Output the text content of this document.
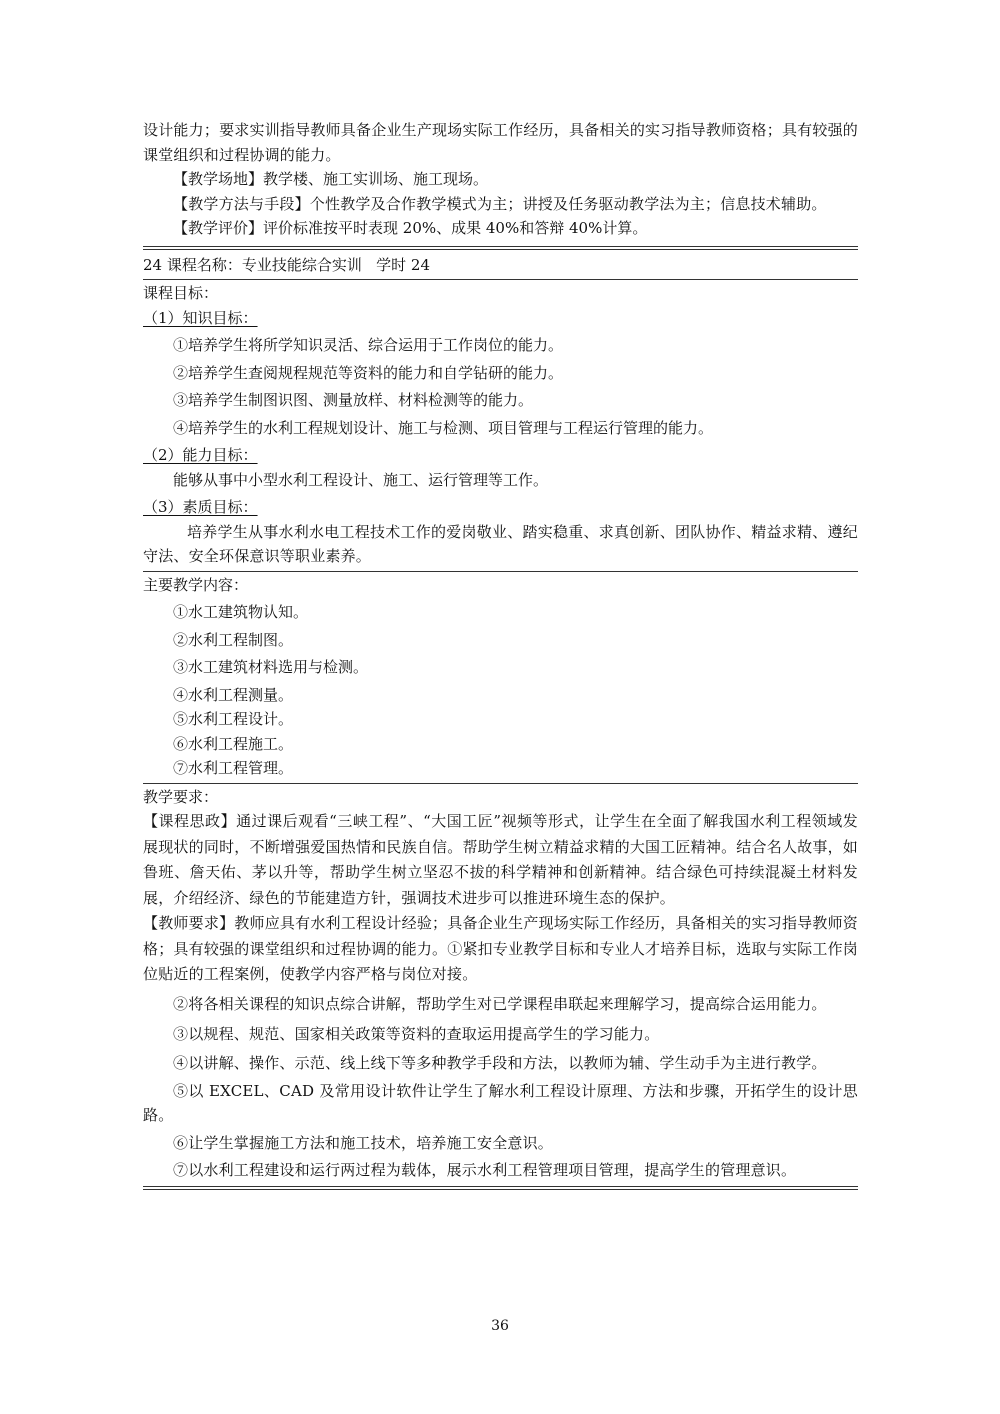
设计能力；要求实训指导教师具备企业生产现场实际工作经历，具备相关的实习指导教师资格；具有较强的课堂组织和过程协调的能力。
【教学场地】教学楼、施工实训场、施工现场。
【教学方法与手段】个性教学及合作教学模式为主；讲授及任务驱动教学法为主；信息技术辅助。
【教学评价】评价标准按平时表现 20%、成果 40%和答辩 40%计算。
24 课程名称：专业技能综合实训   学时 24
课程目标：
（1）知识目标：
①培养学生将所学知识灵活、综合运用于工作岗位的能力。
②培养学生查阅规程规范等资料的能力和自学钻研的能力。
③培养学生制图识图、测量放样、材料检测等的能力。
④培养学生的水利工程规划设计、施工与检测、项目管理与工程运行管理的能力。
（2）能力目标：
能够从事中小型水利工程设计、施工、运行管理等工作。
（3）素质目标：
培养学生从事水利水电工程技术工作的爱岗敬业、踏实稳重、求真创新、团队协作、精益求精、遵纪守法、安全环保意识等职业素养。
主要教学内容：
①水工建筑物认知。
②水利工程制图。
③水工建筑材料选用与检测。
④水利工程测量。
⑤水利工程设计。
⑥水利工程施工。
⑦水利工程管理。
教学要求：
【课程思政】通过课后观看“三峡工程”、“大国工匠”视频等形式，让学生在全面了解我国水利工程领域发展现状的同时，不断增强爱国热情和民族自信。帮助学生树立精益求精的大国工匠精神。结合名人故事，如鲁班、詹天佑、茅以升等，帮助学生树立坚忍不拔的科学精神和创新精神。结合绿色可持续混凝土材料发展，介绍经济、绿色的节能建造方针，强调技术进步可以推进环境生态的保护。
【教师要求】教师应具有水利工程设计经验；具备企业生产现场实际工作经历，具备相关的实习指导教师资格；具有较强的课堂组织和过程协调的能力。①紧扣专业教学目标和专业人才培养目标，选取与实际工作岗位贴近的工程案例，使教学内容严格与岗位对接。
②将各相关课程的知识点综合讲解，帮助学生对已学课程串联起来理解学习，提高综合运用能力。
③以规程、规范、国家相关政策等资料的查取运用提高学生的学习能力。
④以讲解、操作、示范、线上线下等多种教学手段和方法，以教师为辅、学生动手为主进行教学。
⑤以 EXCEL、CAD 及常用设计软件让学生了解水利工程设计原理、方法和步骤，开拓学生的设计思路。
⑥让学生掌握施工方法和施工技术，培养施工安全意识。
⑦以水利工程建设和运行两过程为载体，展示水利工程管理项目管理，提高学生的管理意识。
36
